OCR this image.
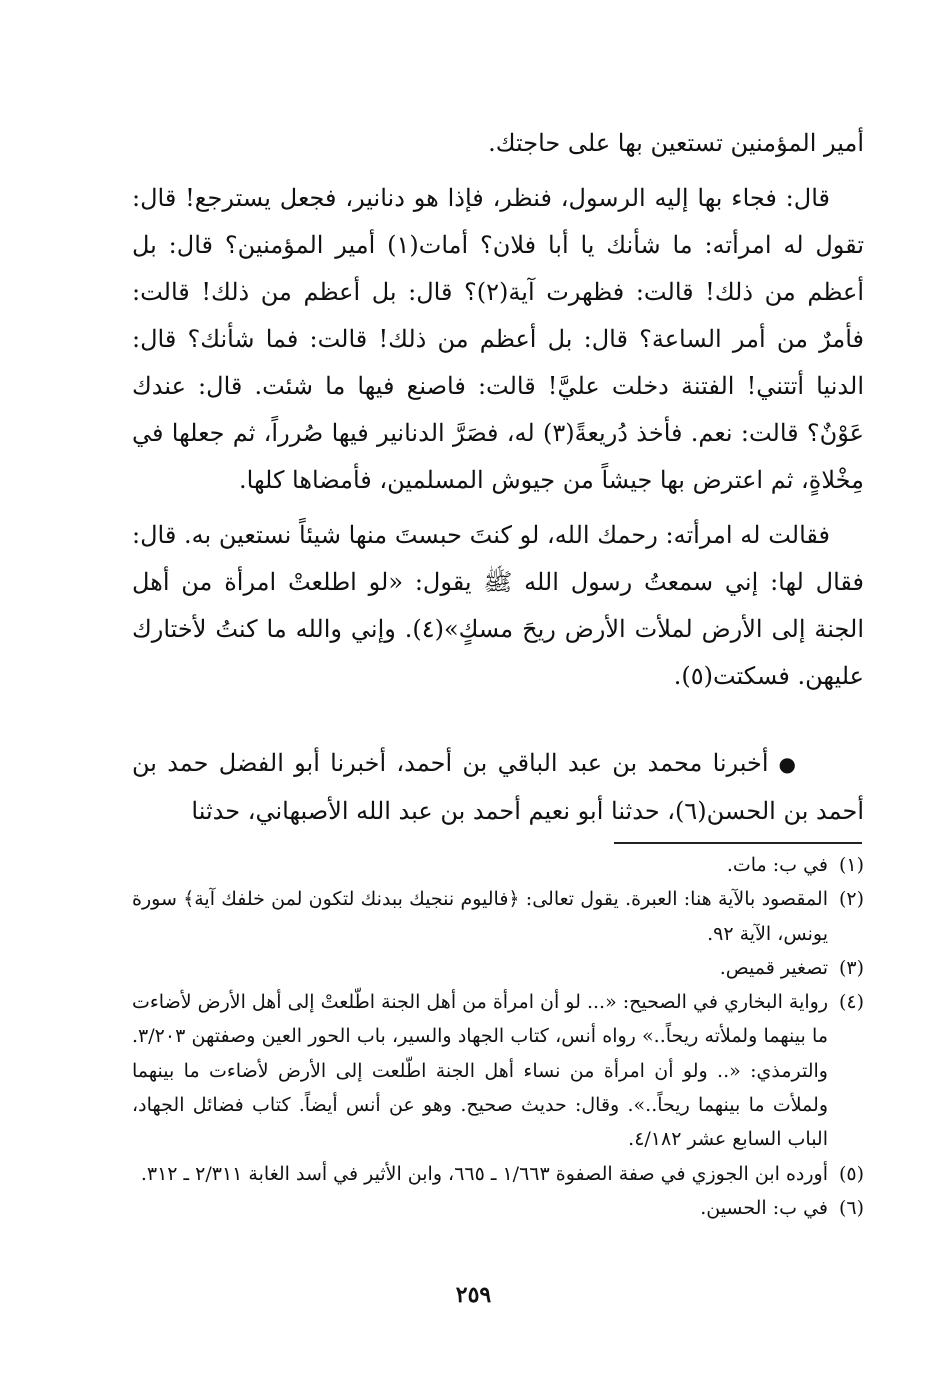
أمير المؤمنين تستعين بها على حاجتك.

قال: فجاء بها إليه الرسول، فنظر، فإذا هو دنانير، فجعل يسترجع! قال: تقول له امرأته: ما شأنك يا أبا فلان؟ أمات(١) أمير المؤمنين؟ قال: بل أعظم من ذلك! قالت: فظهرت آية(٢)؟ قال: بل أعظم من ذلك! قالت: فأمرٌ من أمر الساعة؟ قال: بل أعظم من ذلك! قالت: فما شأنك؟ قال: الدنيا أتتني! الفتنة دخلت عليَّ! قالت: فاصنع فيها ما شئت. قال: عندك عَوْنٌ؟ قالت: نعم. فأخذ دُريعةً(٣) له، فصَرَّ الدنانير فيها صُرراً، ثم جعلها في مِخْلاةٍ، ثم اعترض بها جيشاً من جيوش المسلمين، فأمضاها كلها.

فقالت له امرأته: رحمك الله، لو كنتَ حبستَ منها شيئاً نستعين به. قال: فقال لها: إني سمعتُ رسول الله ﷺ يقول: «لو اطلعتْ امرأة من أهل الجنة إلى الأرض لملأت الأرض ريحَ مسكٍ»(٤). وإني والله ما كنتُ لأختارك عليهن. فسكتت(٥).

●أخبرنا محمد بن عبد الباقي بن أحمد، أخبرنا أبو الفضل حمد بن أحمد بن الحسن(٦)، حدثنا أبو نعيم أحمد بن عبد الله الأصبهاني، حدثنا

(١)
في ب: مات.
(٢)
المقصود بالآية هنا: العبرة. يقول تعالى: ﴿فاليوم ننجيك ببدنك لتكون لمن خلفك آية﴾ سورة يونس، الآية ٩٢.
(٣)
تصغير قميص.
(٤)
رواية البخاري في الصحيح: «... لو أن امرأة من أهل الجنة اطّلعتْ إلى أهل الأرض لأضاءت ما بينهما ولملأته ريحاً..» رواه أنس، كتاب الجهاد والسير، باب الحور العين وصفتهن ٣/٢٠٣. والترمذي: «.. ولو أن امرأة من نساء أهل الجنة اطّلعت إلى الأرض لأضاءت ما بينهما ولملأت ما بينهما ريحاً..». وقال: حديث صحيح. وهو عن أنس أيضاً. كتاب فضائل الجهاد، الباب السابع عشر ٤/١٨٢.
(٥)
أورده ابن الجوزي في صفة الصفوة ١/٦٦٣ ـ ٦٦٥، وابن الأثير في أسد الغابة ٢/٣١١ ـ ٣١٢.
(٦)
في ب: الحسين.
٢٥٩
